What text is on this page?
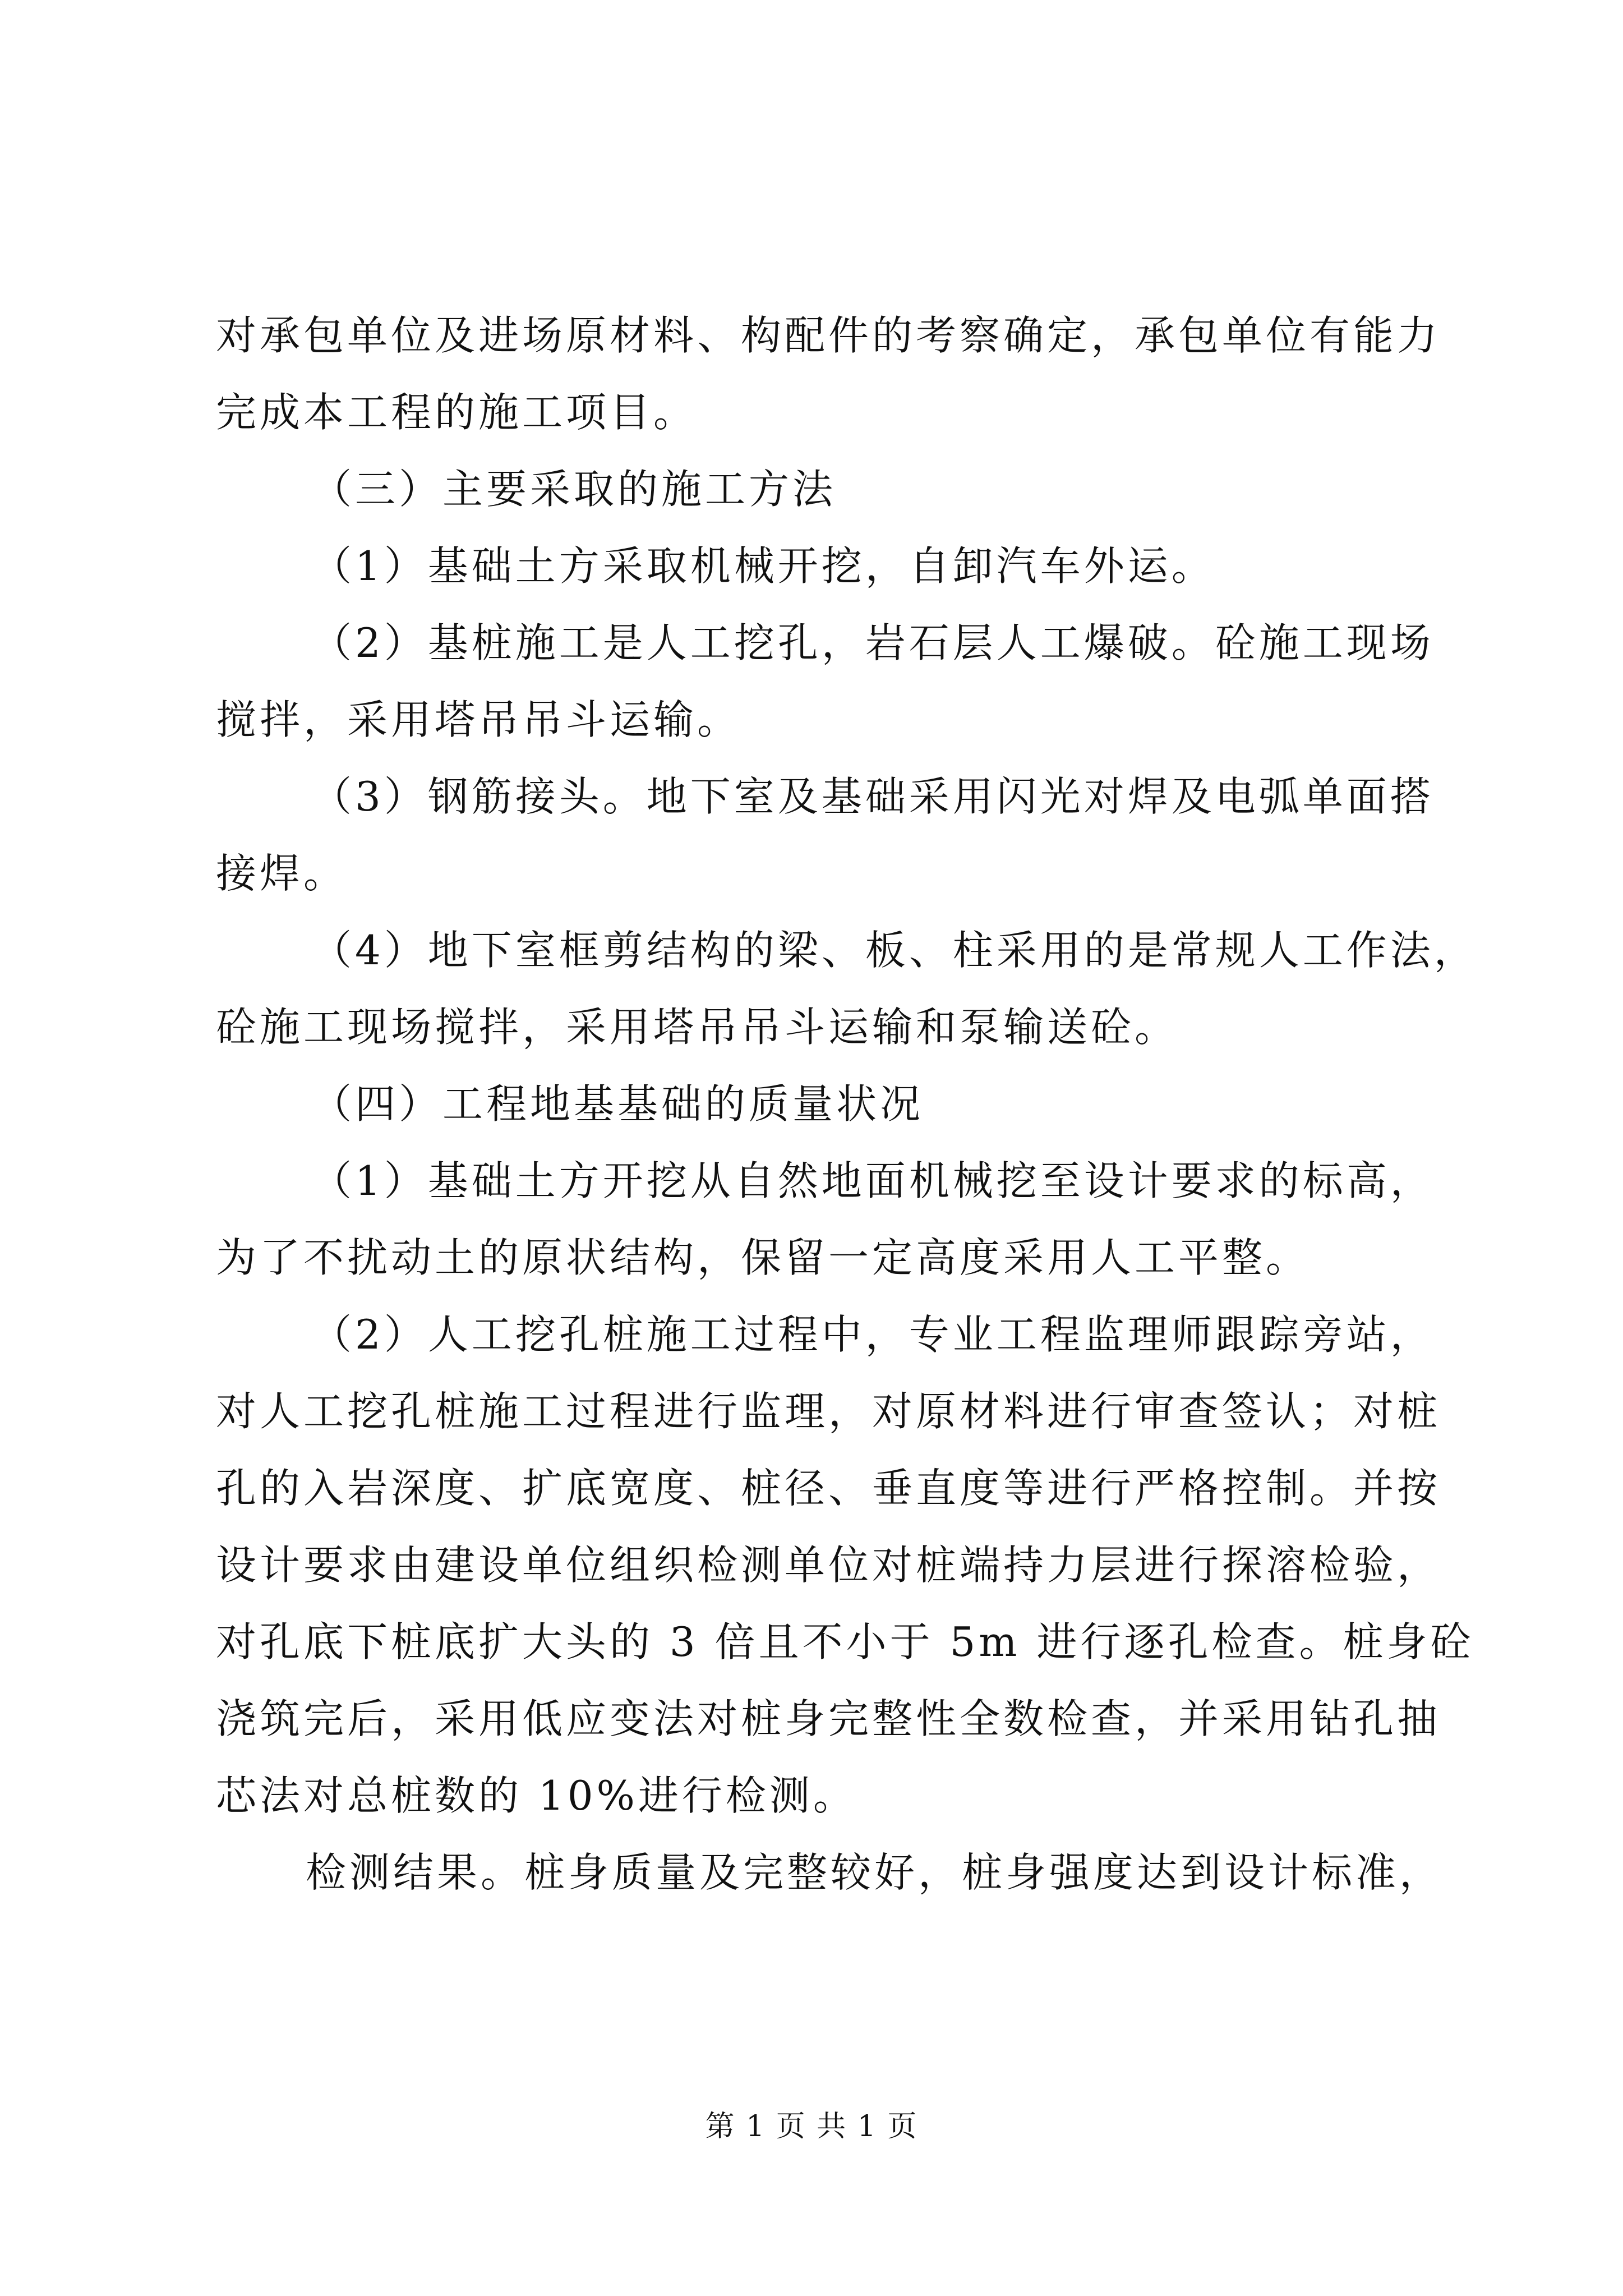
对承包单位及进场原材料、构配件的考察确定，承包单位有能力
完成本工程的施工项目。
（三）主要采取的施工方法
（1）基础土方采取机械开挖，自卸汽车外运。
（2）基桩施工是人工挖孔，岩石层人工爆破。砼施工现场
搅拌，采用塔吊吊斗运输。
（3）钢筋接头。地下室及基础采用闪光对焊及电弧单面搭
接焊。
（4）地下室框剪结构的梁、板、柱采用的是常规人工作法，
砼施工现场搅拌，采用塔吊吊斗运输和泵输送砼。
（四）工程地基基础的质量状况
（1）基础土方开挖从自然地面机械挖至设计要求的标高，
为了不扰动土的原状结构，保留一定高度采用人工平整。
（2）人工挖孔桩施工过程中，专业工程监理师跟踪旁站，
对人工挖孔桩施工过程进行监理，对原材料进行审查签认；对桩
孔的入岩深度、扩底宽度、桩径、垂直度等进行严格控制。并按
设计要求由建设单位组织检测单位对桩端持力层进行探溶检验，
对孔底下桩底扩大头的 3 倍且不小于 5m 进行逐孔检查。桩身砼
浇筑完后，采用低应变法对桩身完整性全数检查，并采用钻孔抽
芯法对总桩数的 10%进行检测。
检测结果。桩身质量及完整较好，桩身强度达到设计标准，
第 1 页 共 1 页
